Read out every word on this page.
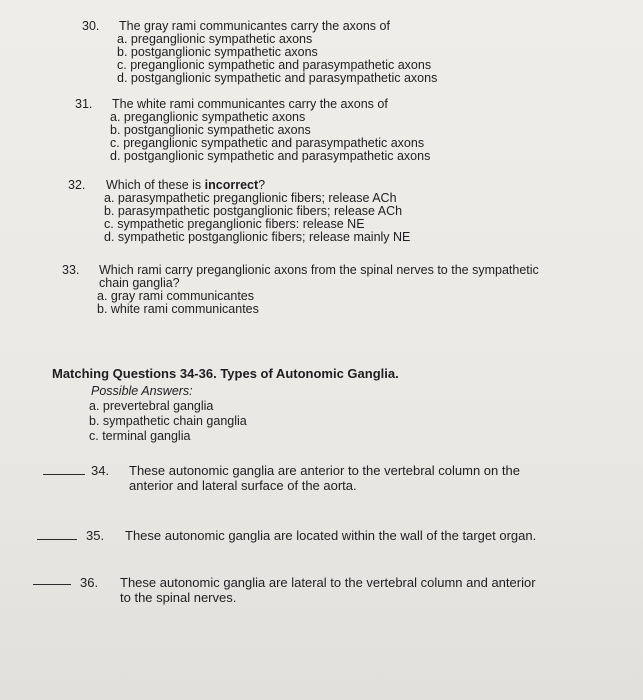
30. The gray rami communicantes carry the axons of
a. preganglionic sympathetic axons
b. postganglionic sympathetic axons
c. preganglionic sympathetic and parasympathetic axons
d. postganglionic sympathetic and parasympathetic axons
31. The white rami communicantes carry the axons of
a. preganglionic sympathetic axons
b. postganglionic sympathetic axons
c. preganglionic sympathetic and parasympathetic axons
d. postganglionic sympathetic and parasympathetic axons
32. Which of these is incorrect?
a. parasympathetic preganglionic fibers; release ACh
b. parasympathetic postganglionic fibers; release ACh
c. sympathetic preganglionic fibers: release NE
d. sympathetic postganglionic fibers; release mainly NE
33. Which rami carry preganglionic axons from the spinal nerves to the sympathetic
chain ganglia?
a. gray rami communicantes
b. white rami communicantes
Matching Questions 34-36. Types of Autonomic Ganglia.
Possible Answers:
a. prevertebral ganglia
b. sympathetic chain ganglia
c. terminal ganglia
34. These autonomic ganglia are anterior to the vertebral column on the
anterior and lateral surface of the aorta.
35. These autonomic ganglia are located within the wall of the target organ.
36. These autonomic ganglia are lateral to the vertebral column and anterior
to the spinal nerves.
